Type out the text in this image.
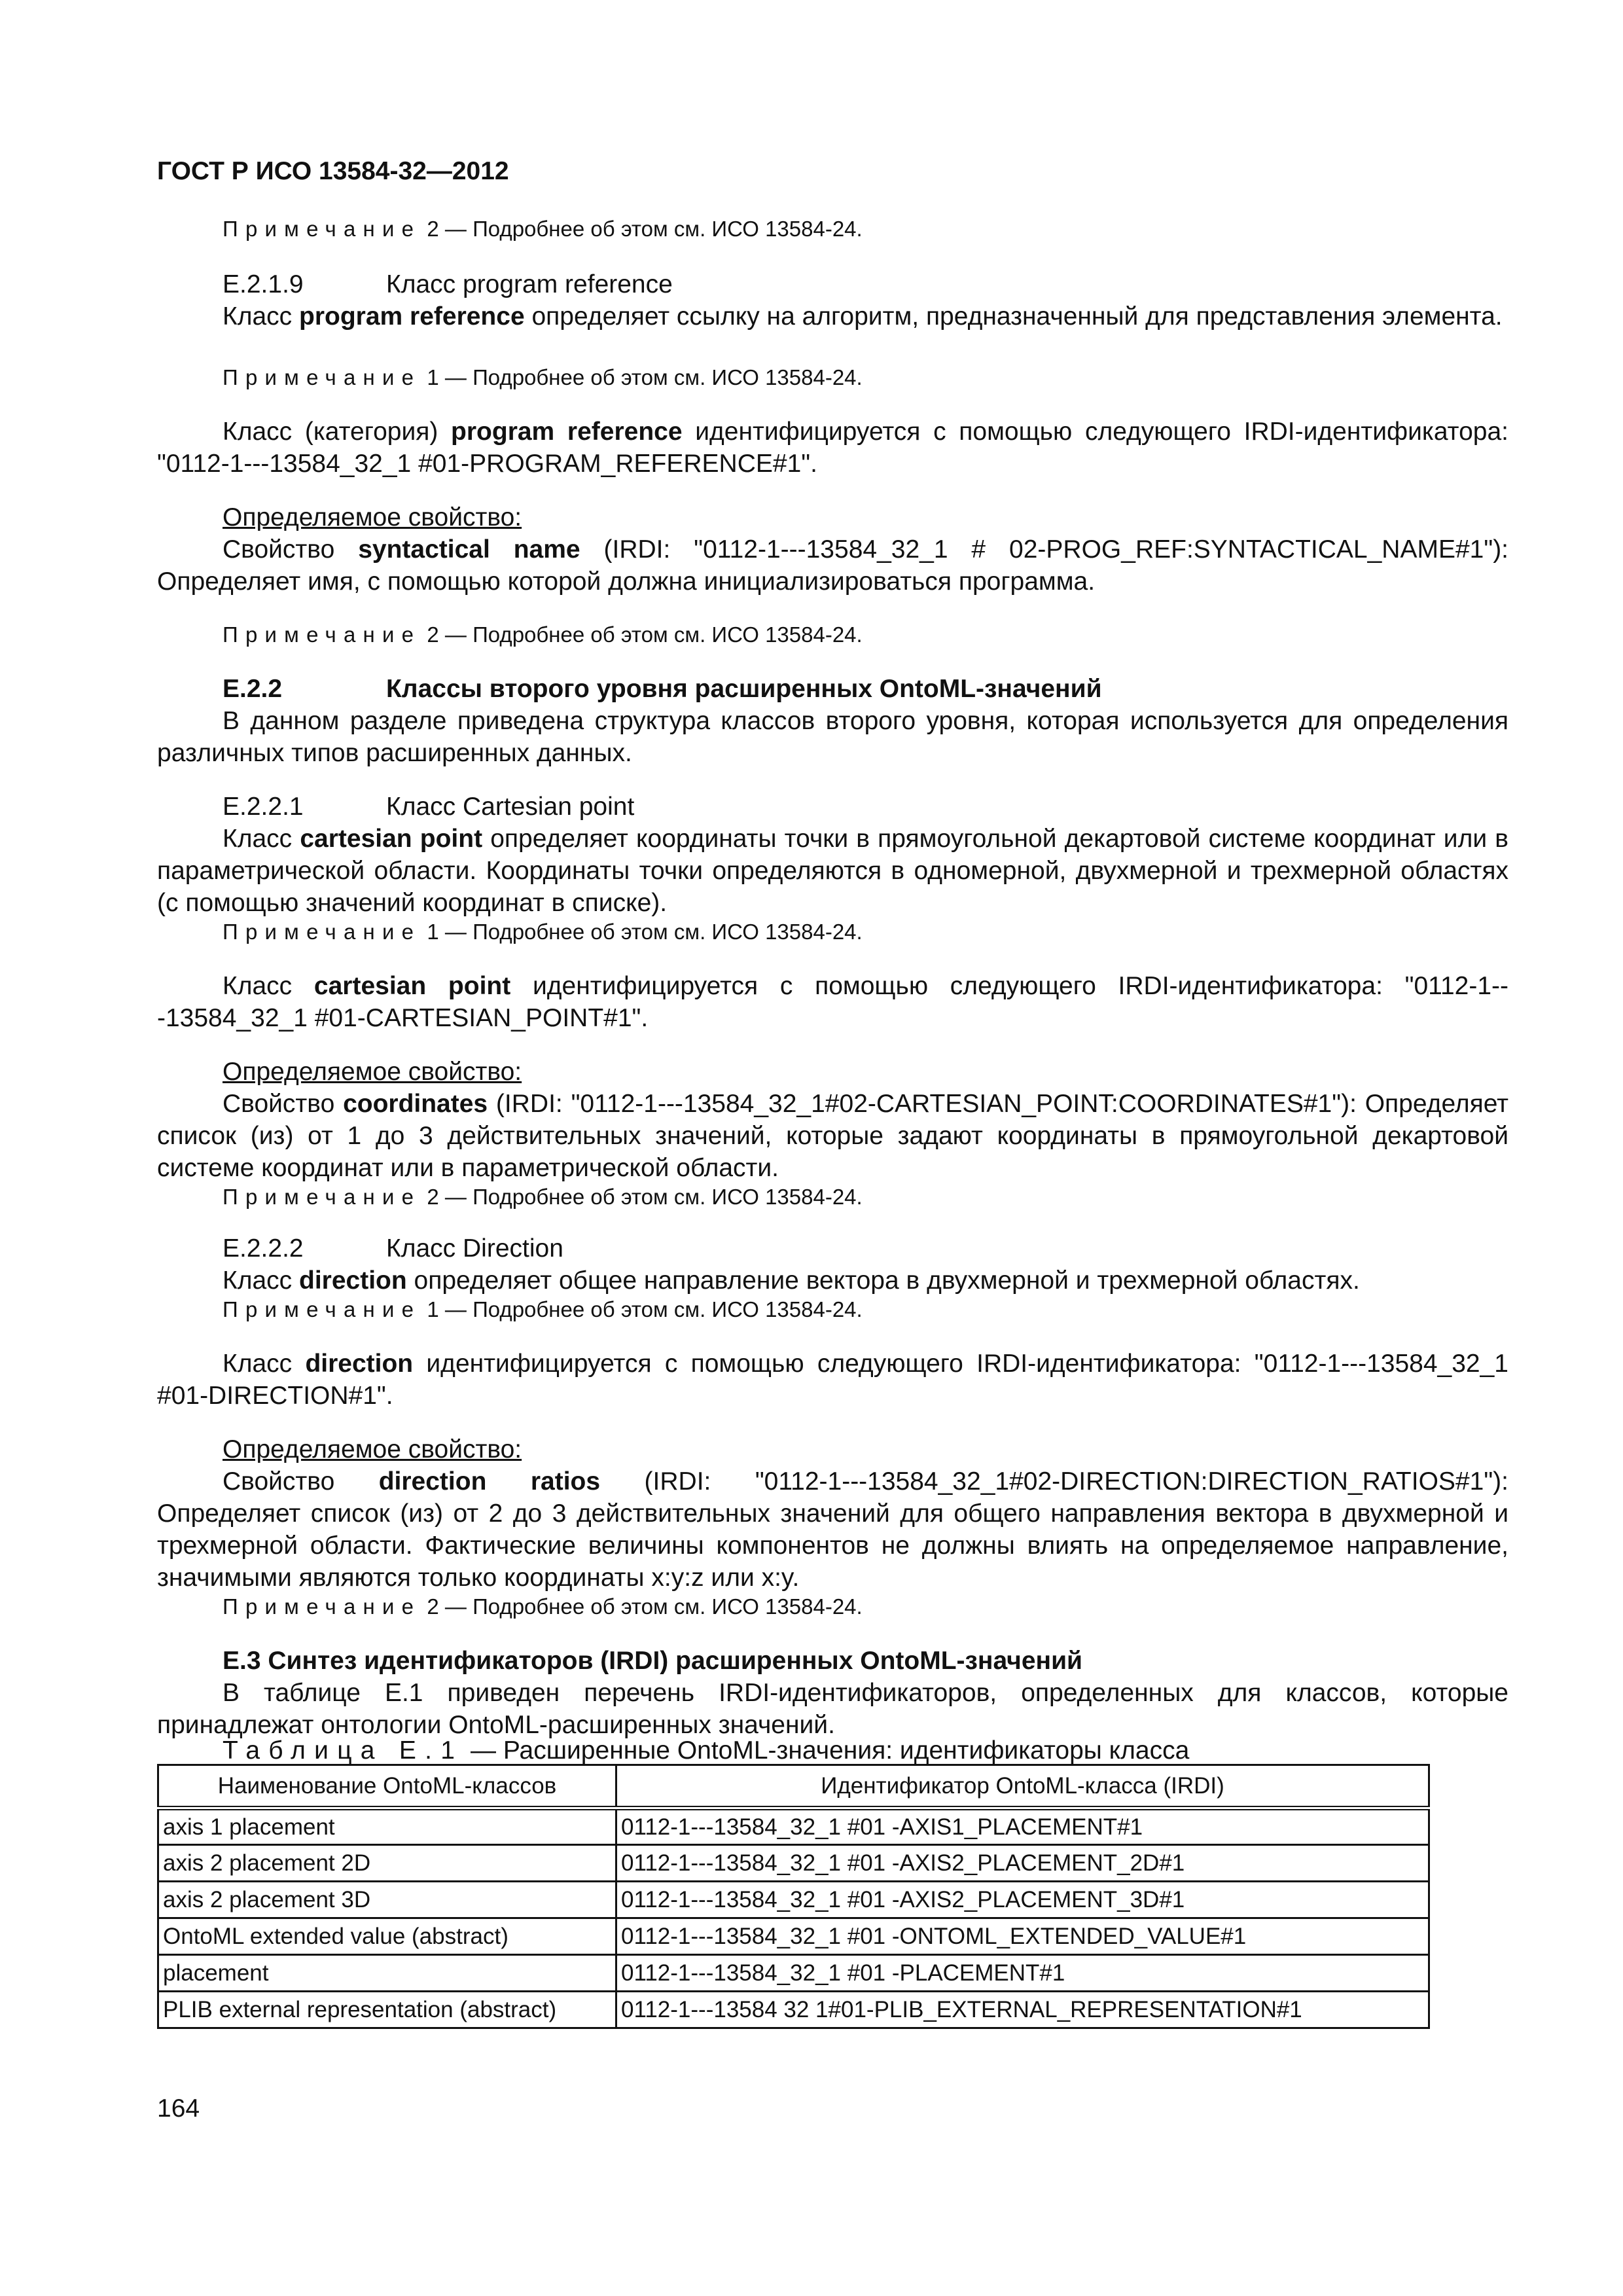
ГОСТ Р ИСО 13584-32—2012
Примечание 2 — Подробнее об этом см. ИСО 13584-24.
E.2.1.9	Класс program reference
Класс program reference определяет ссылку на алгоритм, предназначенный для представления элемента.
Примечание 1 — Подробнее об этом см. ИСО 13584-24.
Класс (категория) program reference идентифицируется с помощью следующего IRDI-идентификатора: "0112-1---13584_32_1 #01-PROGRAM_REFERENCE#1".
Определяемое свойство:
Свойство syntactical name (IRDI: "0112-1---13584_32_1 # 02-PROG_REF:SYNTACTICAL_NAME#1"): Определяет имя, с помощью которой должна инициализироваться программа.
Примечание 2 — Подробнее об этом см. ИСО 13584-24.
E.2.2	Классы второго уровня расширенных OntoML-значений
В данном разделе приведена структура классов второго уровня, которая используется для определения различных типов расширенных данных.
E.2.2.1	Класс Cartesian point
Класс cartesian point определяет координаты точки в прямоугольной декартовой системе координат или в параметрической области. Координаты точки определяются в одномерной, двухмерной и трехмерной областях (с помощью значений координат в списке).
Примечание 1 — Подробнее об этом см. ИСО 13584-24.
Класс cartesian point идентифицируется с помощью следующего IRDI-идентификатора: "0112-1---13584_32_1 #01-CARTESIAN_POINT#1".
Определяемое свойство:
Свойство coordinates (IRDI: "0112-1---13584_32_1#02-CARTESIAN_POINT:COORDINATES#1"): Определяет список (из) от 1 до 3 действительных значений, которые задают координаты в прямоугольной декартовой системе координат или в параметрической области.
Примечание 2 — Подробнее об этом см. ИСО 13584-24.
E.2.2.2	Класс Direction
Класс direction определяет общее направление вектора в двухмерной и трехмерной областях.
Примечание 1 — Подробнее об этом см. ИСО 13584-24.
Класс direction идентифицируется с помощью следующего IRDI-идентификатора: "0112-1---13584_32_1 #01-DIRECTION#1".
Определяемое свойство:
Свойство direction ratios (IRDI: "0112-1---13584_32_1#02-DIRECTION:DIRECTION_RATIOS#1"): Определяет список (из) от 2 до 3 действительных значений для общего направления вектора в двухмерной и трехмерной области. Фактические величины компонентов не должны влиять на определяемое направление, значимыми являются только координаты x:y:z или x:y.
Примечание 2 — Подробнее об этом см. ИСО 13584-24.
E.3 Синтез идентификаторов (IRDI) расширенных OntoML-значений
В таблице E.1 приведен перечень IRDI-идентификаторов, определенных для классов, которые принадлежат онтологии OntoML-расширенных значений.
Таблица E.1 — Расширенные OntoML-значения: идентификаторы класса
Наименование OntoML-классов	Идентификатор OntoML-класса (IRDI)
axis 1 placement	0112-1---13584_32_1 #01 -AXIS1_PLACEMENT#1
axis 2 placement 2D	0112-1---13584_32_1 #01 -AXIS2_PLACEMENT_2D#1
axis 2 placement 3D	0112-1---13584_32_1 #01 -AXIS2_PLACEMENT_3D#1
OntoML extended value (abstract)	0112-1---13584_32_1 #01 -ONTOML_EXTENDED_VALUE#1
placement	0112-1---13584_32_1 #01 -PLACEMENT#1
PLIB external representation (abstract)	0112-1---13584 32 1#01-PLIB_EXTERNAL_REPRESENTATION#1
164
